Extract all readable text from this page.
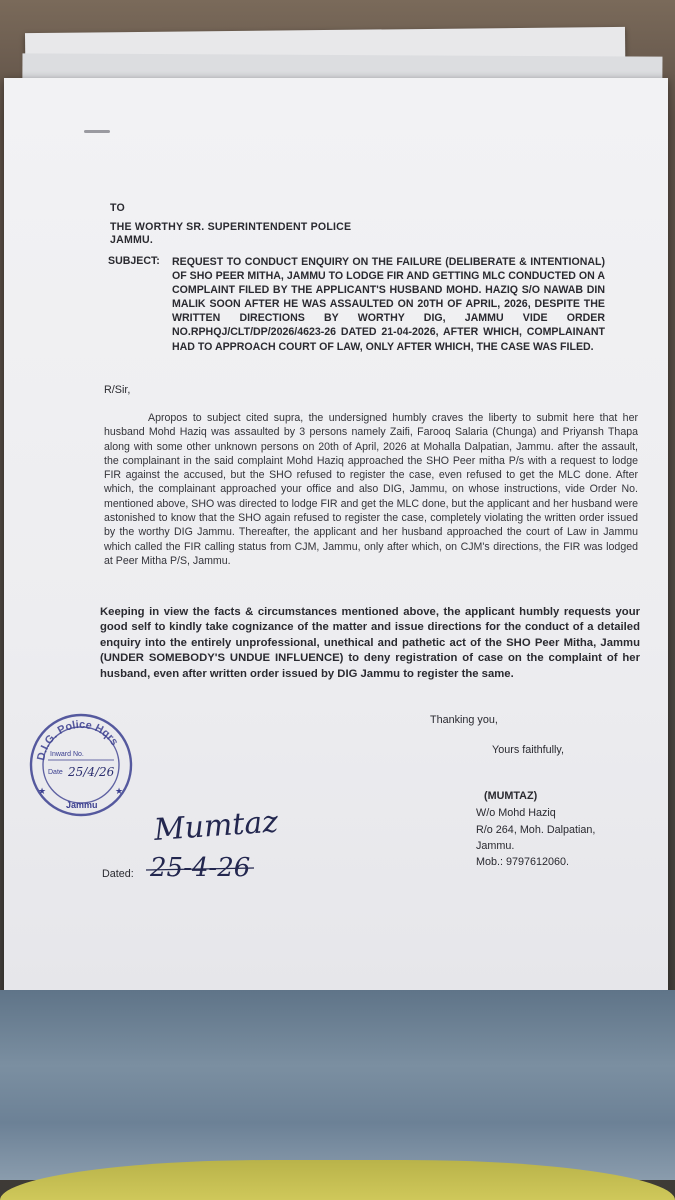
TO
THE WORTHY SR. SUPERINTENDENT POLICE
JAMMU.
SUBJECT: REQUEST TO CONDUCT ENQUIRY ON THE FAILURE (DELIBERATE & INTENTIONAL) OF SHO PEER MITHA, JAMMU TO LODGE FIR AND GETTING MLC CONDUCTED ON A COMPLAINT FILED BY THE APPLICANT'S HUSBAND MOHD. HAZIQ S/O NAWAB DIN MALIK SOON AFTER HE WAS ASSAULTED ON 20TH OF APRIL, 2026, DESPITE THE WRITTEN DIRECTIONS BY WORTHY DIG, JAMMU VIDE ORDER NO.RPHQJ/CLT/DP/2026/4623-26 DATED 21-04-2026, AFTER WHICH, COMPLAINANT HAD TO APPROACH COURT OF LAW, ONLY AFTER WHICH, THE CASE WAS FILED.
R/Sir,
Apropos to subject cited supra, the undersigned humbly craves the liberty to submit here that her husband Mohd Haziq was assaulted by 3 persons namely Zaifi, Farooq Salaria (Chunga) and Priyansh Thapa along with some other unknown persons on 20th of April, 2026 at Mohalla Dalpatian, Jammu. after the assault, the complainant in the said complaint Mohd Haziq approached the SHO Peer mitha P/s with a request to lodge FIR against the accused, but the SHO refused to register the case, even refused to get the MLC done. After which, the complainant approached your office and also DIG, Jammu, on whose instructions, vide Order No. mentioned above, SHO was directed to lodge FIR and get the MLC done, but the applicant and her husband were astonished to know that the SHO again refused to register the case, completely violating the written order issued by the worthy DIG Jammu. Thereafter, the applicant and her husband approached the court of Law in Jammu which called the FIR calling status from CJM, Jammu, only after which, on CJM's directions, the FIR was lodged at Peer Mitha P/S, Jammu.
Keeping in view the facts & circumstances mentioned above, the applicant humbly requests your good self to kindly take cognizance of the matter and issue directions for the conduct of a detailed enquiry into the entirely unprofessional, unethical and pathetic act of the SHO Peer Mitha, Jammu (UNDER SOMEBODY'S UNDUE INFLUENCE) to deny registration of case on the complaint of her husband, even after written order issued by DIG Jammu to register the same.
Thanking you,
Yours faithfully,
(MUMTAZ)
W/o Mohd Haziq
R/o 264, Moh. Dalpatian,
Jammu.
Mob.: 9797612060.
D.I.G. Police Hqrs
Inward No.
Date 25/4/26
Jammu
★	★
Mumtaz
Dated: 25-4-26
